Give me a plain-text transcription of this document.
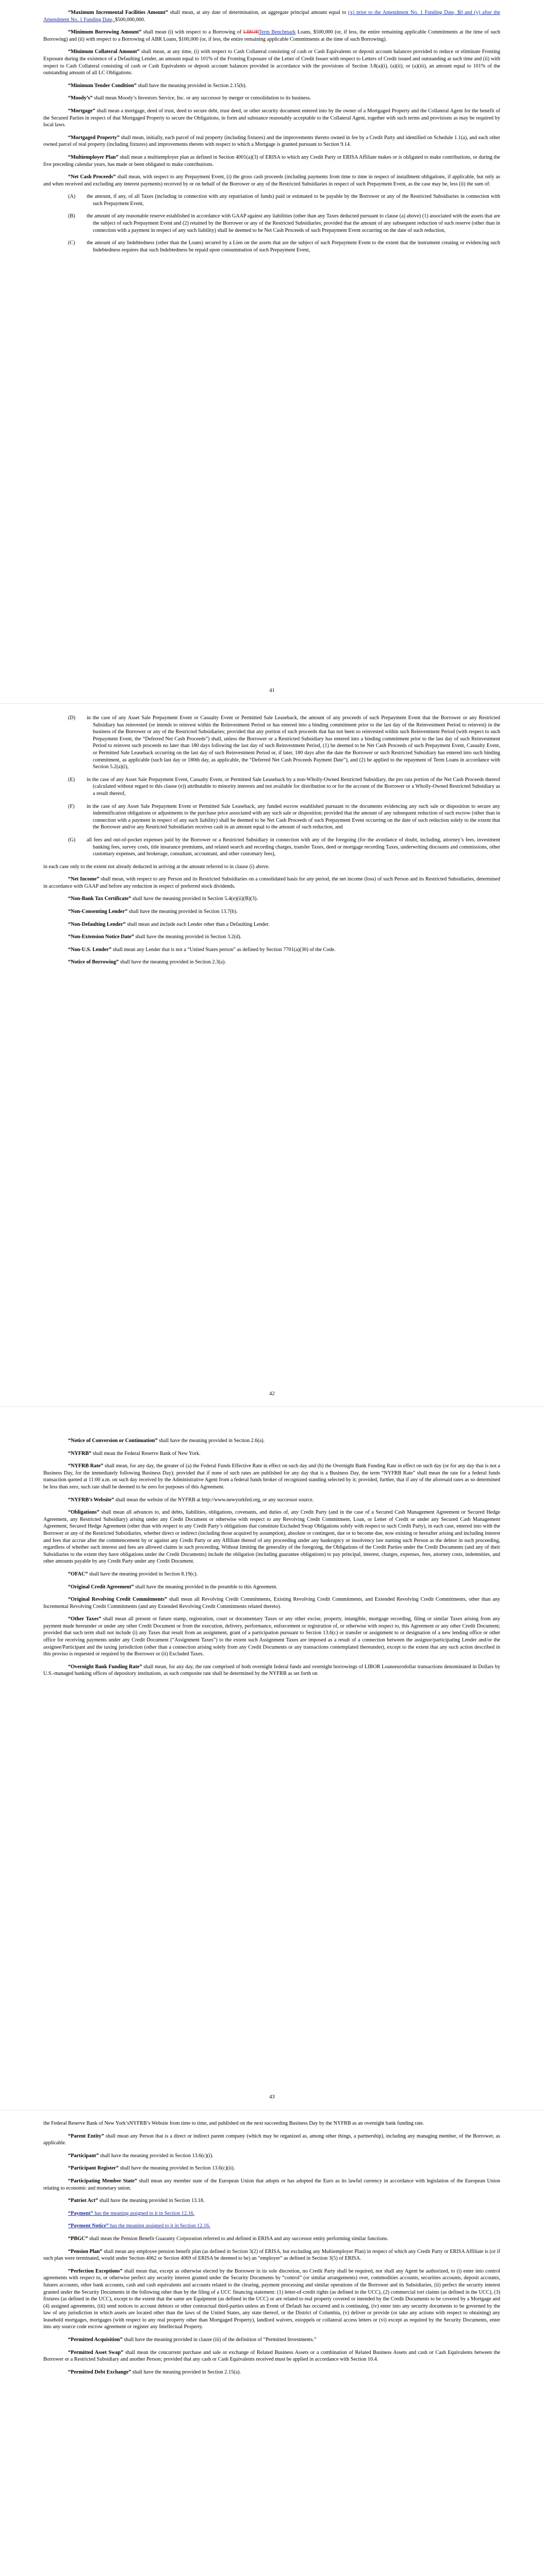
“Maximum Incremental Facilities Amount” shall mean, at any date of determination, an aggregate principal amount equal to (x) prior to the Amendment No. 1 Funding Date, $0 and (y) after the Amendment No. 1 Funding Date, $500,000,000.

“Minimum Borrowing Amount” shall mean (i) with respect to a Borrowing of LIBORTerm Benchmark Loans, $500,000 (or, if less, the entire remaining applicable Commitments at the time of such Borrowing) and (ii) with respect to a Borrowing of ABR Loans, $100,000 (or, if less, the entire remaining applicable Commitments at the time of such Borrowing).

“Minimum Collateral Amount” shall mean, at any time, (i) with respect to Cash Collateral consisting of cash or Cash Equivalents or deposit account balances provided to reduce or eliminate Fronting Exposure during the existence of a Defaulting Lender, an amount equal to 101% of the Fronting Exposure of the Letter of Credit Issuer with respect to Letters of Credit issued and outstanding at such time and (ii) with respect to Cash Collateral consisting of cash or Cash Equivalents or deposit account balances provided in accordance with the provisions of Section 3.8(a)(i), (a)(ii), or (a)(iii), an amount equal to 101% of the outstanding amount of all LC Obligations.

“Minimum Tender Condition” shall have the meaning provided in Section 2.15(b).

“Moody’s” shall mean Moody’s Investors Service, Inc. or any successor by merger or consolidation to its business.

“Mortgage” shall mean a mortgage, deed of trust, deed to secure debt, trust deed, or other security document entered into by the owner of a Mortgaged Property and the Collateral Agent for the benefit of the Secured Parties in respect of that Mortgaged Property to secure the Obligations, in form and substance reasonably acceptable to the Collateral Agent, together with such terms and provisions as may be required by local laws.

“Mortgaged Property” shall mean, initially, each parcel of real property (including fixtures) and the improvements thereto owned in fee by a Credit Party and identified on Schedule 1.1(a), and each other owned parcel of real property (including fixtures) and improvements thereto with respect to which a Mortgage is granted pursuant to Section 9.14.

“Multiemployer Plan” shall mean a multiemployer plan as defined in Section 4001(a)(3) of ERISA to which any Credit Party or ERISA Affiliate makes or is obligated to make contributions, or during the five preceding calendar years, has made or been obligated to make contributions.

“Net Cash Proceeds” shall mean, with respect to any Prepayment Event, (i) the gross cash proceeds (including payments from time to time in respect of installment obligations, if applicable, but only as and when received and excluding any interest payments) received by or on behalf of the Borrower or any of the Restricted Subsidiaries in respect of such Prepayment Event, as the case may be, less (ii) the sum of:

(A) the amount, if any, of all Taxes (including in connection with any repatriation of funds) paid or estimated to be payable by the Borrower or any of the Restricted Subsidiaries in connection with such Prepayment Event,

(B) the amount of any reasonable reserve established in accordance with GAAP against any liabilities (other than any Taxes deducted pursuant to clause (a) above) (1) associated with the assets that are the subject of such Prepayment Event and (2) retained by the Borrower or any of the Restricted Subsidiaries; provided that the amount of any subsequent reduction of such reserve (other than in connection with a payment in respect of any such liability) shall be deemed to be Net Cash Proceeds of such Prepayment Event occurring on the date of such reduction,

(C) the amount of any Indebtedness (other than the Loans) secured by a Lien on the assets that are the subject of such Prepayment Event to the extent that the instrument creating or evidencing such Indebtedness requires that such Indebtedness be repaid upon consummation of such Prepayment Event,

41

(D) in the case of any Asset Sale Prepayment Event or Casualty Event or Permitted Sale Leaseback, the amount of any proceeds of such Prepayment Event that the Borrower or any Restricted Subsidiary has reinvested (or intends to reinvest within the Reinvestment Period or has entered into a binding commitment prior to the last day of the Reinvestment Period to reinvest) in the business of the Borrower or any of the Restricted Subsidiaries; provided that any portion of such proceeds that has not been so reinvested within such Reinvestment Period (with respect to such Prepayment Event, the “Deferred Net Cash Proceeds”) shall, unless the Borrower or a Restricted Subsidiary has entered into a binding commitment prior to the last day of such Reinvestment Period to reinvest such proceeds no later than 180 days following the last day of such Reinvestment Period, (1) be deemed to be Net Cash Proceeds of such Prepayment Event, Casualty Event, or Permitted Sale Leaseback occurring on the last day of such Reinvestment Period or, if later, 180 days after the date the Borrower or such Restricted Subsidiary has entered into such binding commitment, as applicable (such last day or 180th day, as applicable, the “Deferred Net Cash Proceeds Payment Date”), and (2) be applied to the repayment of Term Loans in accordance with Section 5.2(a)(i),

(E) in the case of any Asset Sale Prepayment Event, Casualty Event, or Permitted Sale Leaseback by a non-Wholly-Owned Restricted Subsidiary, the pro rata portion of the Net Cash Proceeds thereof (calculated without regard to this clause (e)) attributable to minority interests and not available for distribution to or for the account of the Borrower or a Wholly-Owned Restricted Subsidiary as a result thereof,

(F) in the case of any Asset Sale Prepayment Event or Permitted Sale Leaseback, any funded escrow established pursuant to the documents evidencing any such sale or disposition to secure any indemnification obligations or adjustments to the purchase price associated with any such sale or disposition; provided that the amount of any subsequent reduction of such escrow (other than in connection with a payment in respect of any such liability) shall be deemed to be Net Cash Proceeds of such Prepayment Event occurring on the date of such reduction solely to the extent that the Borrower and/or any Restricted Subsidiaries receives cash in an amount equal to the amount of such reduction, and

(G) all fees and out-of-pocket expenses paid by the Borrower or a Restricted Subsidiary in connection with any of the foregoing (for the avoidance of doubt, including, attorney’s fees, investment banking fees, survey costs, title insurance premiums, and related search and recording charges, transfer Taxes, deed or mortgage recording Taxes, underwriting discounts and commissions, other customary expenses, and brokerage, consultant, accountant, and other customary fees),

in each case only to the extent not already deducted in arriving at the amount referred to in clause (i) above.

“Net Income” shall mean, with respect to any Person and its Restricted Subsidiaries on a consolidated basis for any period, the net income (loss) of such Person and its Restricted Subsidiaries, determined in accordance with GAAP and before any reduction in respect of preferred stock dividends.

“Non-Bank Tax Certificate” shall have the meaning provided in Section 5.4(e)(ii)(B)(3).

“Non-Consenting Lender” shall have the meaning provided in Section 13.7(b).

“Non-Defaulting Lender” shall mean and include each Lender other than a Defaulting Lender.

“Non-Extension Notice Date” shall have the meaning provided in Section 3.2(d).

“Non-U.S. Lender” shall mean any Lender that is not a “United States person” as defined by Section 7701(a)(30) of the Code.

“Notice of Borrowing” shall have the meaning provided in Section 2.3(a).

42

“Notice of Conversion or Continuation” shall have the meaning provided in Section 2.6(a).

“NYFRB” shall mean the Federal Reserve Bank of New York.

“NYFRB Rate” shall mean, for any day, the greater of (a) the Federal Funds Effective Rate in effect on such day and (b) the Overnight Bank Funding Rate in effect on such day (or for any day that is not a Business Day, for the immediately following Business Day); provided that if none of such rates are published for any day that is a Business Day, the term “NYFRB Rate” shall mean the rate for a federal funds transaction quoted at 11:00 a.m. on such day received by the Administrative Agent from a federal funds broker of recognized standing selected by it; provided, further, that if any of the aforesaid rates as so determined be less than zero, such rate shall be deemed to be zero for purposes of this Agreement.

“NYFRB’s Website” shall mean the website of the NYFRB at http://www.newyorkfed.org, or any successor source.

“Obligations” shall mean all advances to, and debts, liabilities, obligations, covenants, and duties of, any Credit Party (and in the case of a Secured Cash Management Agreement or Secured Hedge Agreement, any Restricted Subsidiary) arising under any Credit Document or otherwise with respect to any Revolving Credit Commitment, Loan, or Letter of Credit or under any Secured Cash Management Agreement, Secured Hedge Agreement (other than with respect to any Credit Party’s obligations that constitute Excluded Swap Obligations solely with respect to such Credit Party), in each case, entered into with the Borrower or any of the Restricted Subsidiaries, whether direct or indirect (including those acquired by assumption), absolute or contingent, due or to become due, now existing or hereafter arising and including interest and fees that accrue after the commencement by or against any Credit Party or any Affiliate thereof of any proceeding under any bankruptcy or insolvency law naming such Person as the debtor in such proceeding, regardless of whether such interest and fees are allowed claims in such proceeding. Without limiting the generality of the foregoing, the Obligations of the Credit Parties under the Credit Documents (and any of their Subsidiaries to the extent they have obligations under the Credit Documents) include the obligation (including guarantee obligations) to pay principal, interest, charges, expenses, fees, attorney costs, indemnities, and other amounts payable by any Credit Party under any Credit Document.

“OFAC” shall have the meaning provided in Section 8.19(c).

“Original Credit Agreement” shall have the meaning provided in the preamble to this Agreement.

“Original Revolving Credit Commitments” shall mean all Revolving Credit Commitments, Existing Revolving Credit Commitments, and Extended Revolving Credit Commitments, other than any Incremental Revolving Credit Commitments (and any Extended Revolving Credit Commitments related thereto).

“Other Taxes” shall mean all present or future stamp, registration, court or documentary Taxes or any other excise, property, intangible, mortgage recording, filing or similar Taxes arising from any payment made hereunder or under any other Credit Document or from the execution, delivery, performance, enforcement or registration of, or otherwise with respect to, this Agreement or any other Credit Document; provided that such term shall not include (i) any Taxes that result from an assignment, grant of a participation pursuant to Section 13.6(c) or transfer or assignment to or designation of a new lending office or other office for receiving payments under any Credit Document (“Assignment Taxes”) to the extent such Assignment Taxes are imposed as a result of a connection between the assignor/participating Lender and/or the assignee/Participant and the taxing jurisdiction (other than a connection arising solely from any Credit Documents or any transactions contemplated thereunder), except to the extent that any such action described in this proviso is requested or required by the Borrower or (ii) Excluded Taxes.

“Overnight Bank Funding Rate” shall mean, for any day, the rate comprised of both overnight federal funds and overnight borrowings of LIBOR Loanseurodollar transactions denominated in Dollars by U.S.-managed banking offices of depository institutions, as such composite rate shall be determined by the NYFRB as set forth on

43

the Federal Reserve Bank of New York’sNYFRB’s Website from time to time, and published on the next succeeding Business Day by the NYFRB as an overnight bank funding rate.

“Parent Entity” shall mean any Person that is a direct or indirect parent company (which may be organized as, among other things, a partnership), including any managing member, of the Borrower, as applicable.

“Participant” shall have the meaning provided in Section 13.6(c)(i).

“Participant Register” shall have the meaning provided in Section 13.6(c)(ii).

“Participating Member State” shall mean any member state of the European Union that adopts or has adopted the Euro as its lawful currency in accordance with legislation of the European Union relating to economic and monetary union.

“Patriot Act” shall have the meaning provided in Section 13.18.

“Payment” has the meaning assigned to it in Section 12.16.

“Payment Notice” has the meaning assigned to it in Section 12.16.

“PBGC” shall mean the Pension Benefit Guaranty Corporation referred to and defined in ERISA and any successor entity performing similar functions.

“Pension Plan” shall mean any employee pension benefit plan (as defined in Section 3(2) of ERISA, but excluding any Multiemployer Plan) in respect of which any Credit Party or ERISA Affiliate is (or if such plan were terminated, would under Section 4062 or Section 4069 of ERISA be deemed to be) an “employer” as defined in Section 3(5) of ERISA.

“Perfection Exceptions” shall mean that, except as otherwise elected by the Borrower in its sole discretion, no Credit Party shall be required, nor shall any Agent be authorized, to (i) enter into control agreements with respect to, or otherwise perfect any security interest granted under the Security Documents by “control” (or similar arrangements) over, commodities accounts, securities accounts, deposit accounts, futures accounts, other bank accounts, cash and cash equivalents and accounts related to the clearing, payment processing and similar operations of the Borrower and its Subsidiaries, (ii) perfect the security interest granted under the Security Documents in the following other than by the filing of a UCC financing statement: (1) letter-of-credit rights (as defined in the UCC), (2) commercial tort claims (as defined in the UCC), (3) fixtures (as defined in the UCC), except to the extent that the same are Equipment (as defined in the UCC) or are related to real property covered or intended by the Credit Documents to be covered by a Mortgage and (4) assigned agreements, (iii) send notices to account debtors or other contractual third-parties unless an Event of Default has occurred and is continuing, (iv) enter into any security documents to be governed by the law of any jurisdiction in which assets are located other than the laws of the United States, any state thereof, or the District of Columbia, (v) deliver or provide (or take any actions with respect to obtaining) any leasehold mortgages, mortgages (with respect to any real property other than Mortgaged Property), landlord waivers, estoppels or collateral access letters or (vi) except as required by the Security Documents, enter into any source code escrow agreement or register any Intellectual Property.

“Permitted Acquisition” shall have the meaning provided in clause (iii) of the definition of “Permitted Investments.”

“Permitted Asset Swap” shall mean the concurrent purchase and sale or exchange of Related Business Assets or a combination of Related Business Assets and cash or Cash Equivalents between the Borrower or a Restricted Subsidiary and another Person; provided that any cash or Cash Equivalents received must be applied in accordance with Section 10.4.

“Permitted Debt Exchange” shall have the meaning provided in Section 2.15(a).
